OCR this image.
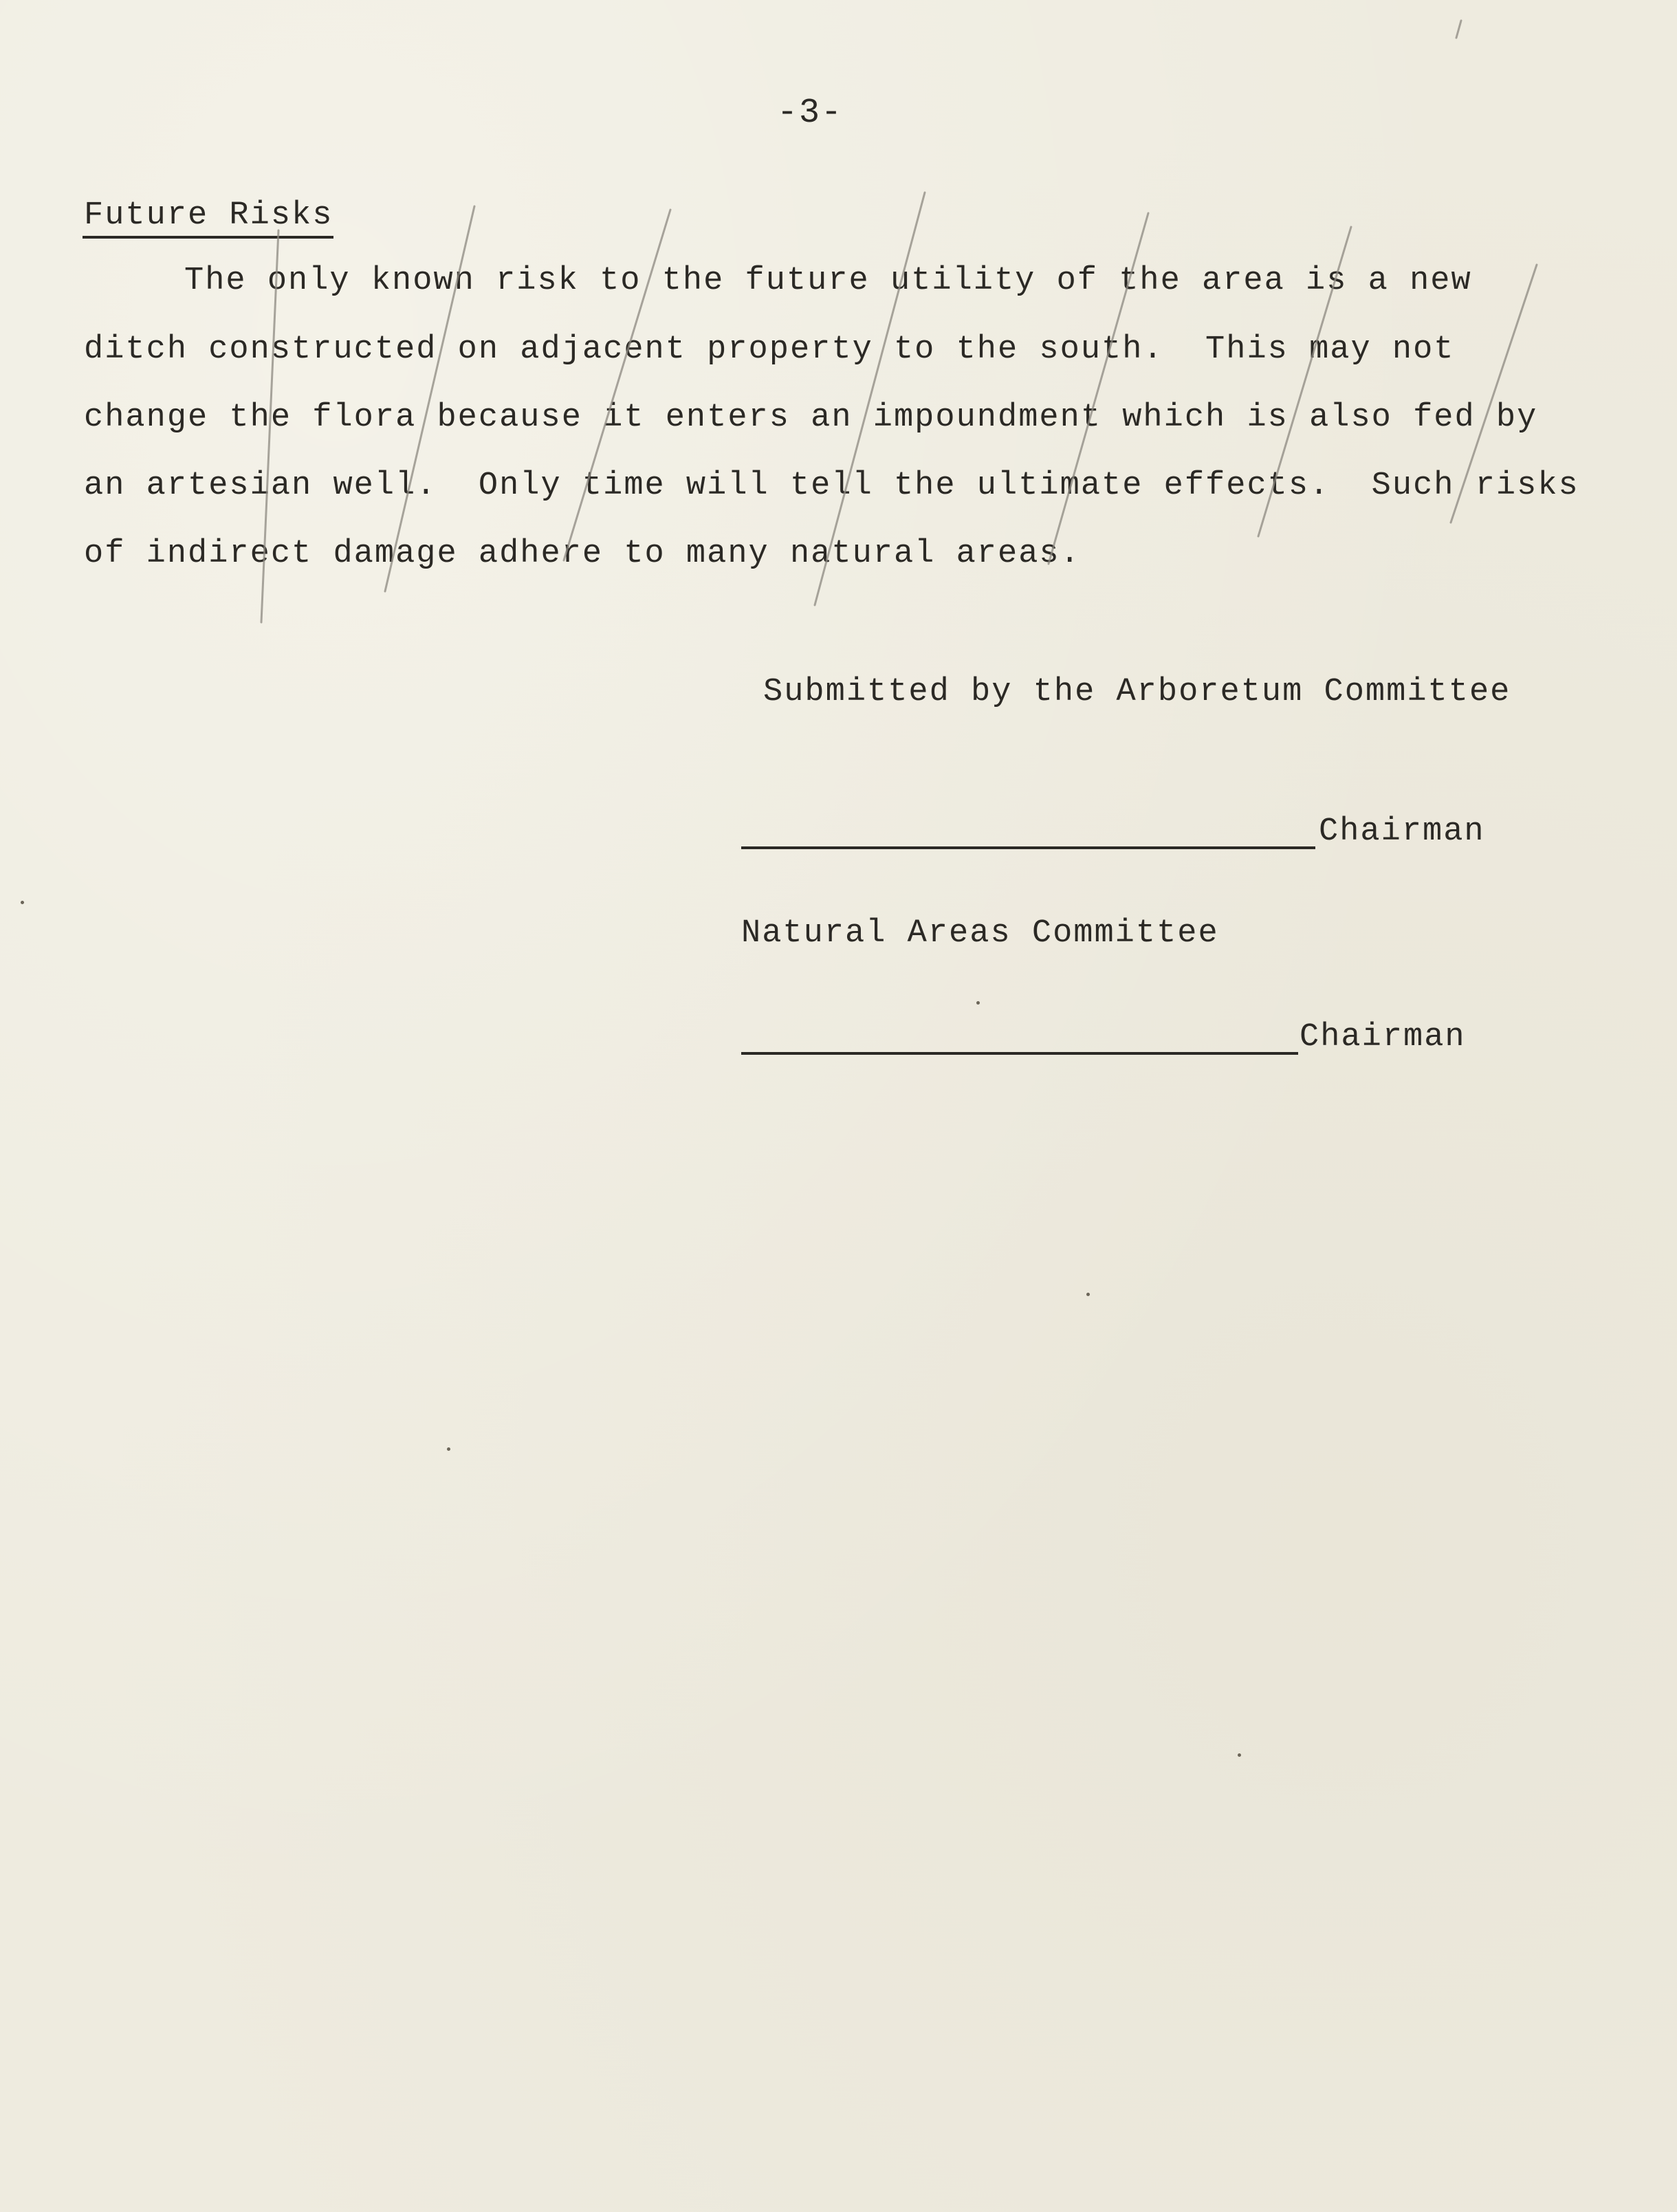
-3-
Future Risks
The only known risk to the future utility of the area is a new
ditch constructed on adjacent property to the south.  This may not
change the flora because it enters an impoundment which is also fed by
an artesian well.  Only time will tell the ultimate effects.  Such risks
of indirect damage adhere to many natural areas.
Submitted by the Arboretum Committee
Chairman
Natural Areas Committee
Chairman
